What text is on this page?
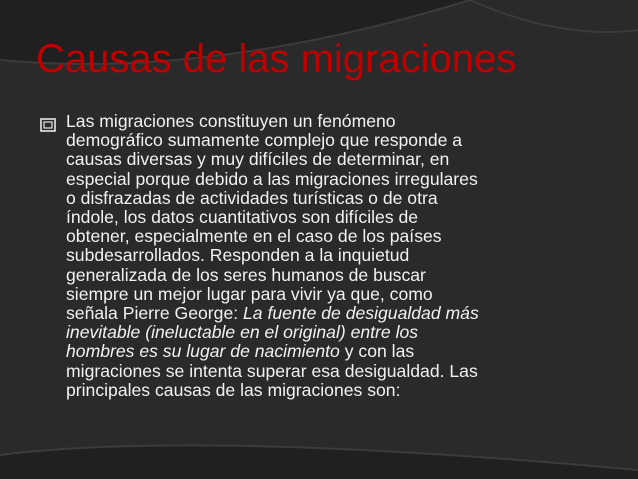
Causas de las migraciones
Las migraciones constituyen un fenómeno
demográfico sumamente complejo que responde a
causas diversas y muy difíciles de determinar, en
especial porque debido a las migraciones irregulares
o disfrazadas de actividades turísticas o de otra
índole, los datos cuantitativos son difíciles de
obtener, especialmente en el caso de los países
subdesarrollados. Responden a la inquietud
generalizada de los seres humanos de buscar
siempre un mejor lugar para vivir ya que, como
señala Pierre George: La fuente de desigualdad más
inevitable (ineluctable en el original) entre los
hombres es su lugar de nacimiento y con las
migraciones se intenta superar esa desigualdad. Las
principales causas de las migraciones son:
